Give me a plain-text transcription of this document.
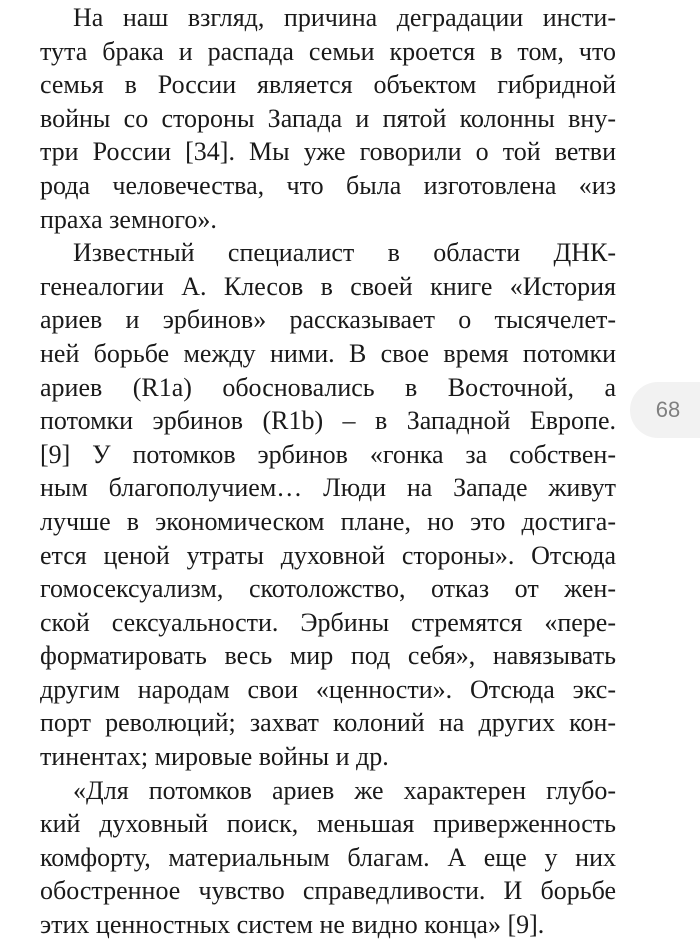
На наш взгляд, причина деградации инсти-
тута брака и распада семьи кроется в том, что
семья в России является объектом гибридной
войны со стороны Запада и пятой колонны вну-
три России [34]. Мы уже говорили о той ветви
рода человечества, что была изготовлена «из
праха земного».
Известный специалист в области ДНК-
генеалогии А. Клесов в своей книге «История
ариев и эрбинов» рассказывает о тысячелет-
ней борьбе между ними. В свое время потомки
ариев (R1a) обосновались в Восточной, а
потомки эрбинов (R1b) – в Западной Европе.
[9] У потомков эрбинов «гонка за собствен-
ным благополучием… Люди на Западе живут
лучше в экономическом плане, но это достига-
ется ценой утраты духовной стороны». Отсюда
гомосексуализм, скотоложство, отказ от жен-
ской сексуальности. Эрбины стремятся «пере-
форматировать весь мир под себя», навязывать
другим народам свои «ценности». Отсюда экс-
порт революций; захват колоний на других кон-
тинентах; мировые войны и др.
«Для потомков ариев же характерен глубо-
кий духовный поиск, меньшая приверженность
комфорту, материальным благам. А еще у них
обостренное чувство справедливости. И борьбе
этих ценностных систем не видно конца» [9].
68
